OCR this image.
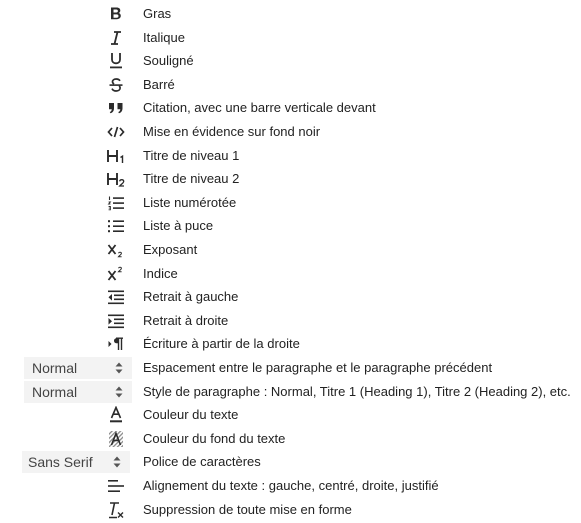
Gras
Italique
Souligné
Barré
Citation, avec une barre verticale devant
Mise en évidence sur fond noir
Titre de niveau 1
Titre de niveau 2
Liste numérotée
Liste à puce
Exposant
Indice
Retrait à gauche
Retrait à droite
Écriture à partir de la droite
Normal	Espacement entre le paragraphe et le paragraphe précédent
Normal	Style de paragraphe : Normal, Titre 1 (Heading 1), Titre 2 (Heading 2), etc.
Couleur du texte
Couleur du fond du texte
Sans Serif	Police de caractères
Alignement du texte : gauche, centré, droite, justifié
Suppression de toute mise en forme
